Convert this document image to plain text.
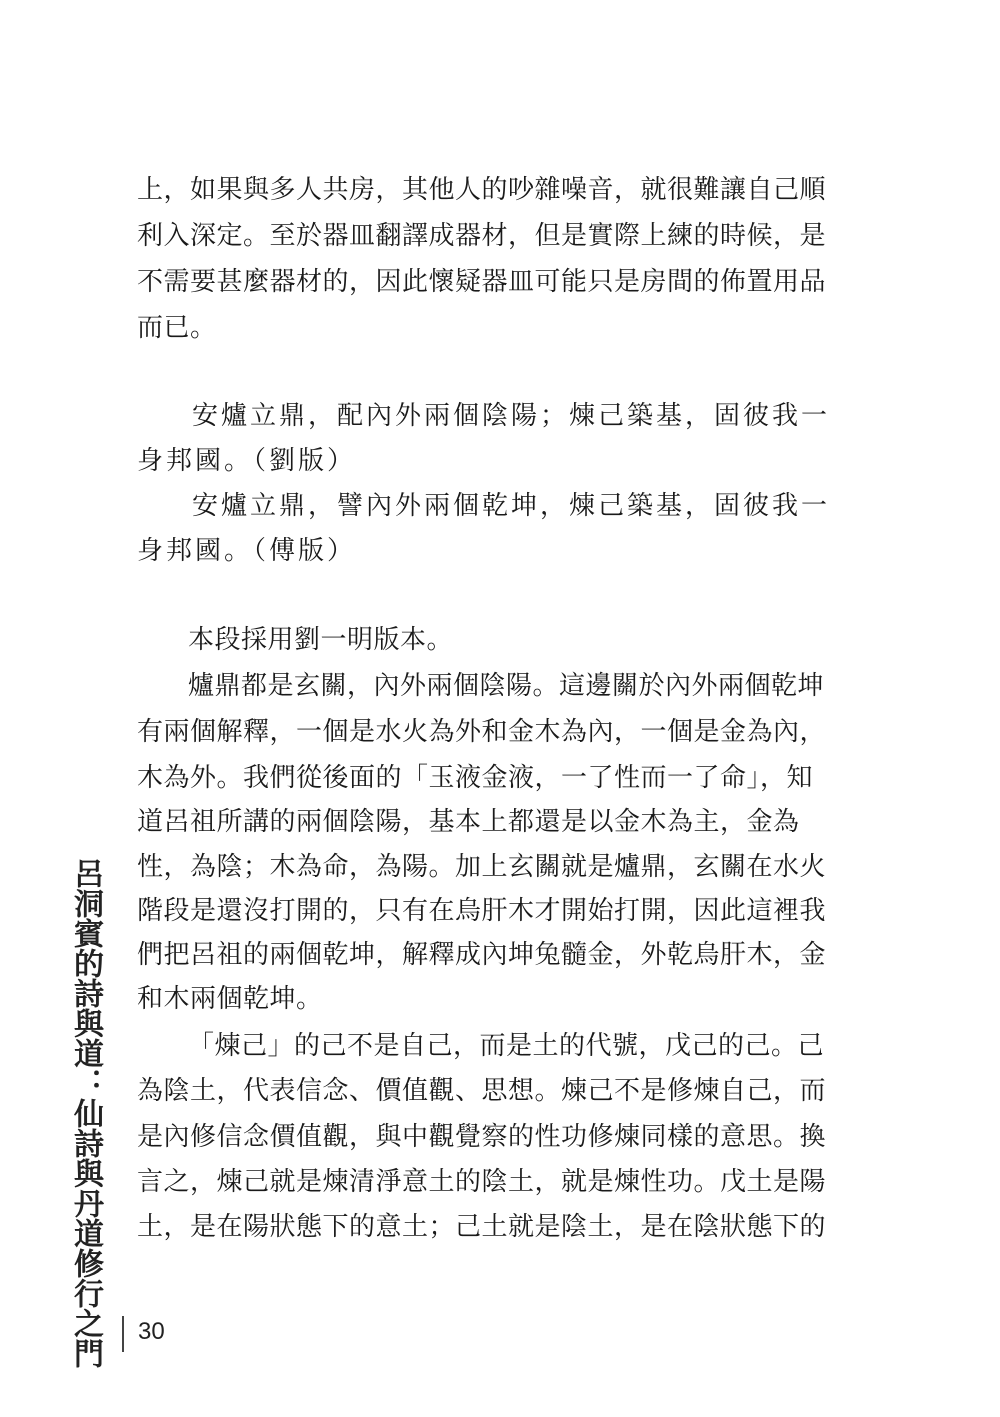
上，如果與多人共房，其他人的吵雜噪音，就很難讓自己順
利入深定。至於器皿翻譯成器材，但是實際上練的時候，是
不需要甚麼器材的，因此懷疑器皿可能只是房間的佈置用品
而已。
安爐立鼎，配內外兩個陰陽；煉己築基，固彼我一
身邦國。（劉版）
安爐立鼎，譬內外兩個乾坤，煉己築基，固彼我一
身邦國。（傅版）
本段採用劉一明版本。
爐鼎都是玄關，內外兩個陰陽。這邊關於內外兩個乾坤
有兩個解釋，一個是水火為外和金木為內，一個是金為內，
木為外。我們從後面的「玉液金液，一了性而一了命」，知
道呂祖所講的兩個陰陽，基本上都還是以金木為主，金為
性，為陰；木為命，為陽。加上玄關就是爐鼎，玄關在水火
階段是還沒打開的，只有在烏肝木才開始打開，因此這裡我
們把呂祖的兩個乾坤，解釋成內坤兔髓金，外乾烏肝木，金
和木兩個乾坤。
「煉己」的己不是自己，而是土的代號，戊己的己。己
為陰土，代表信念、價值觀、思想。煉己不是修煉自己，而
是內修信念價值觀，與中觀覺察的性功修煉同樣的意思。換
言之，煉己就是煉清淨意土的陰土，就是煉性功。戊土是陽
土，是在陽狀態下的意土；己土就是陰土，是在陰狀態下的
呂洞賓的詩與道：仙詩與丹道修行之門 30
